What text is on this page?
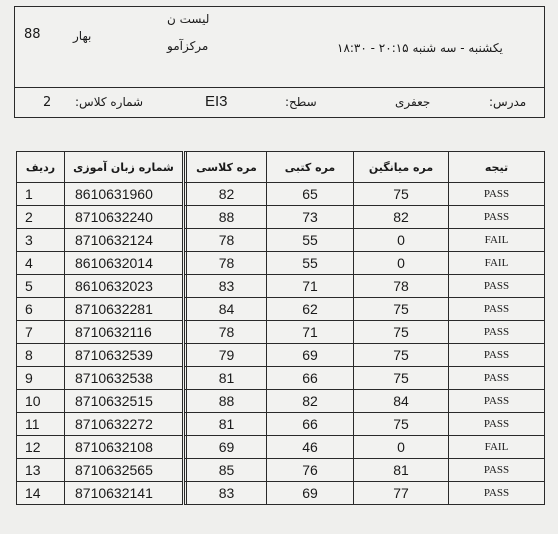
88	بهار
لیست ن
مرکزآمو	یکشنبه - سه شنبه ۲۰:۱۵ - ۱۸:۳۰
2 شماره کلاس:	EI3	سطح:	جعفری	مدرس:
ردیف	شماره زبان آموزی		مره کلاسی	مره کتبی	مره میانگین	تیجه
1	8610631960		82	65	75	PASS
2	8710632240		88	73	82	PASS
3	8710632124		78	55	0	FAIL
4	8610632014		78	55	0	FAIL
5	8610632023		83	71	78	PASS
6	8710632281		84	62	75	PASS
7	8710632116		78	71	75	PASS
8	8710632539		79	69	75	PASS
9	8710632538		81	66	75	PASS
10	8710632515		88	82	84	PASS
11	8710632272		81	66	75	PASS
12	8710632108		69	46	0	FAIL
13	8710632565		85	76	81	PASS
14	8710632141		83	69	77	PASS
